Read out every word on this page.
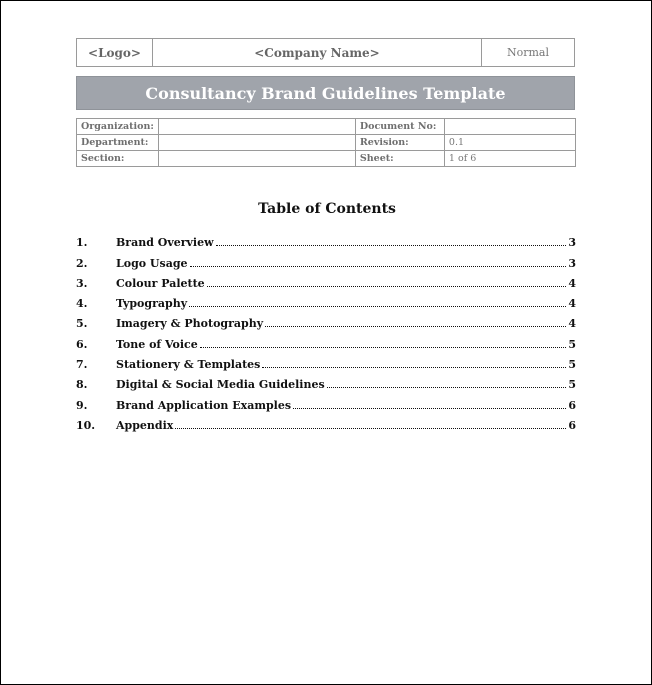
<Logo>	<Company Name>	Normal
Consultancy Brand Guidelines Template
Organization:		Document No:	
Department:		Revision:	0.1
Section:		Sheet:	1 of 6
Table of Contents
1.	Brand Overview	3
2.	Logo Usage	3
3.	Colour Palette	4
4.	Typography	4
5.	Imagery & Photography	4
6.	Tone of Voice	5
7.	Stationery & Templates	5
8.	Digital & Social Media Guidelines	5
9.	Brand Application Examples	6
10.	Appendix	6
